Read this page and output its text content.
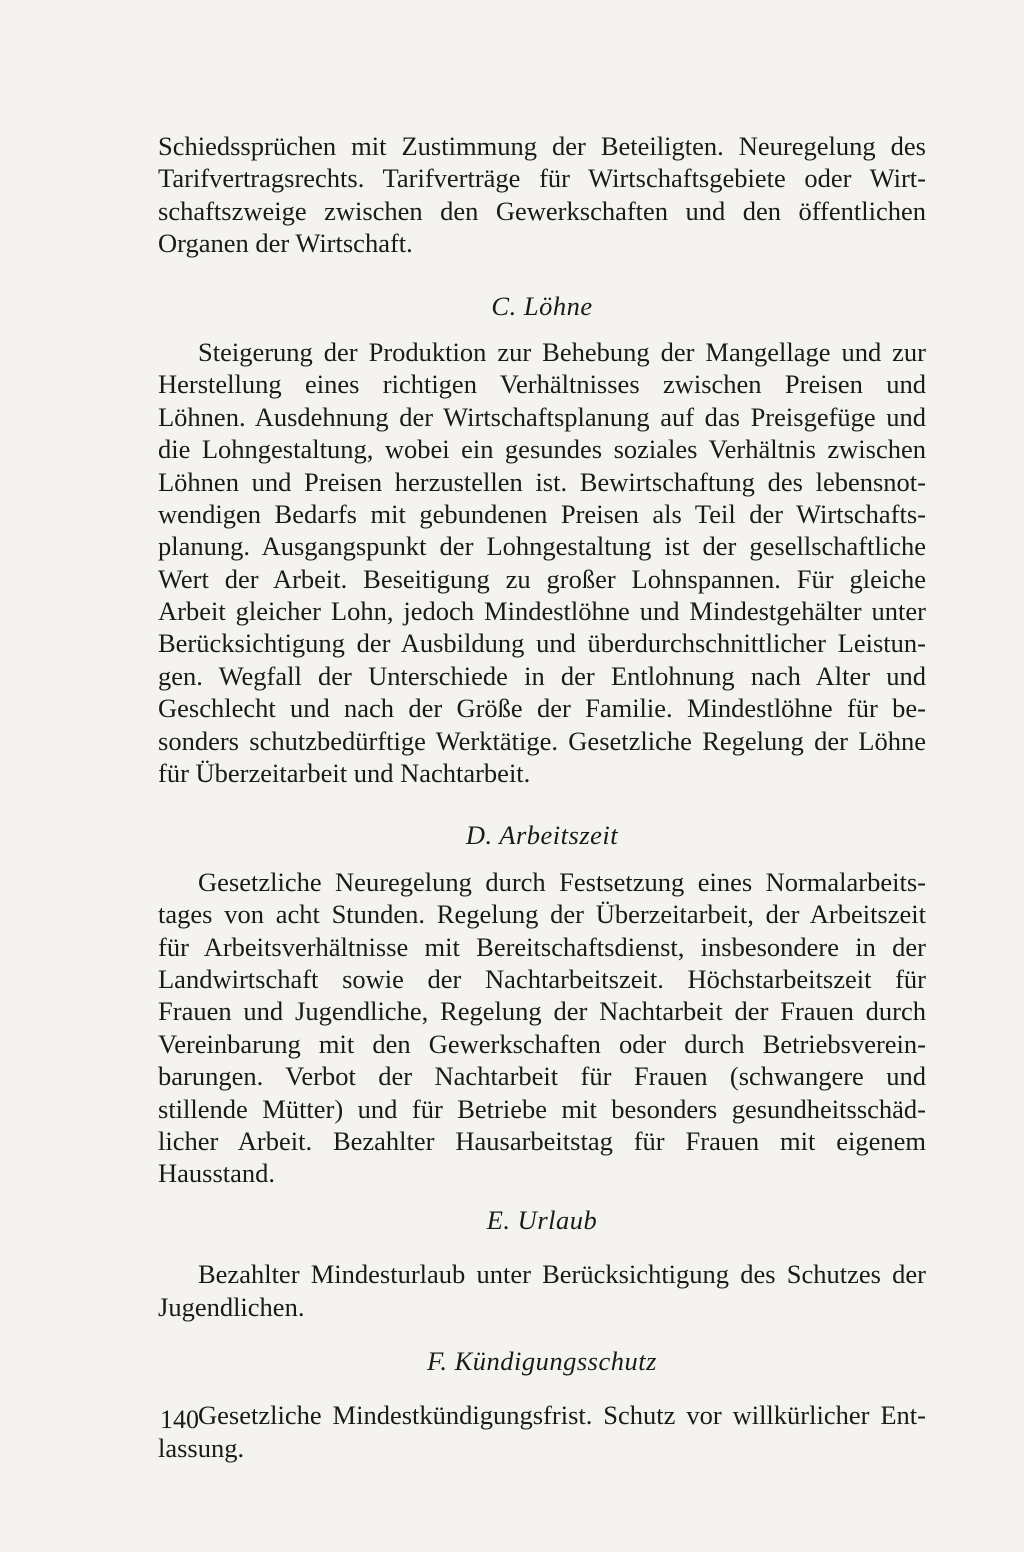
Schiedssprüchen mit Zustimmung der Beteiligten. Neuregelung des
Tarifvertragsrechts. Tarifverträge für Wirtschaftsgebiete oder Wirt-
schaftszweige zwischen den Gewerkschaften und den öffentlichen
Organen der Wirtschaft.
C. Löhne
Steigerung der Produktion zur Behebung der Mangellage und zur
Herstellung eines richtigen Verhältnisses zwischen Preisen und
Löhnen. Ausdehnung der Wirtschaftsplanung auf das Preisgefüge und
die Lohngestaltung, wobei ein gesundes soziales Verhältnis zwischen
Löhnen und Preisen herzustellen ist. Bewirtschaftung des lebensnot-
wendigen Bedarfs mit gebundenen Preisen als Teil der Wirtschafts-
planung. Ausgangspunkt der Lohngestaltung ist der gesellschaftliche
Wert der Arbeit. Beseitigung zu großer Lohnspannen. Für gleiche
Arbeit gleicher Lohn, jedoch Mindestlöhne und Mindestgehälter unter
Berücksichtigung der Ausbildung und überdurchschnittlicher Leistun-
gen. Wegfall der Unterschiede in der Entlohnung nach Alter und
Geschlecht und nach der Größe der Familie. Mindestlöhne für be-
sonders schutzbedürftige Werktätige. Gesetzliche Regelung der Löhne
für Überzeitarbeit und Nachtarbeit.
D. Arbeitszeit
Gesetzliche Neuregelung durch Festsetzung eines Normalarbeits-
tages von acht Stunden. Regelung der Überzeitarbeit, der Arbeitszeit
für Arbeitsverhältnisse mit Bereitschaftsdienst, insbesondere in der
Landwirtschaft sowie der Nachtarbeitszeit. Höchstarbeitszeit für
Frauen und Jugendliche, Regelung der Nachtarbeit der Frauen durch
Vereinbarung mit den Gewerkschaften oder durch Betriebsverein-
barungen. Verbot der Nachtarbeit für Frauen (schwangere und
stillende Mütter) und für Betriebe mit besonders gesundheitsschäd-
licher Arbeit. Bezahlter Hausarbeitstag für Frauen mit eigenem
Hausstand.
E. Urlaub
Bezahlter Mindesturlaub unter Berücksichtigung des Schutzes der
Jugendlichen.
F. Kündigungsschutz
Gesetzliche Mindestkündigungsfrist. Schutz vor willkürlicher Ent-
lassung.
140
